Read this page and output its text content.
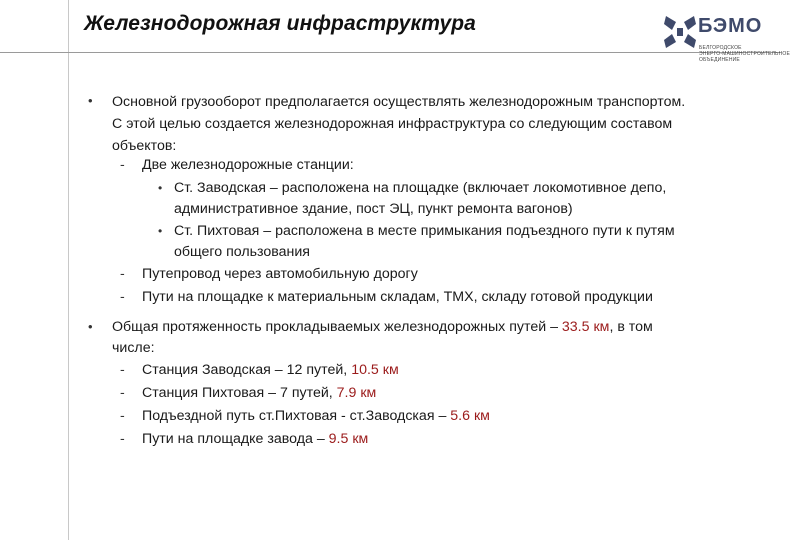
Железнодорожная инфраструктура	БЭМО
БЕЛГОРОДСКОЕ
ЭНЕРГО-МАШИНОСТРОИТЕЛЬНОЕ
ОБЪЕДИНЕНИЕ
• Основной грузооборот предполагается осуществлять железнодорожным транспортом.
С этой целью создается железнодорожная инфраструктура со следующим составом
объектов:
- Две железнодорожные станции:
• Ст. Заводская – расположена на площадке (включает локомотивное депо,
административное здание, пост ЭЦ, пункт ремонта вагонов)
• Ст. Пихтовая – расположена в месте примыкания подъездного пути к путям
общего пользования
- Путепровод через автомобильную дорогу
- Пути на площадке к материальным складам, ТМХ, складу готовой продукции
• Общая протяженность прокладываемых железнодорожных путей – 33.5 км, в том
числе:
- Станция Заводская – 12 путей, 10.5 км
- Станция Пихтовая – 7 путей, 7.9 км
- Подъездной путь ст.Пихтовая - ст.Заводская – 5.6 км
- Пути на площадке завода – 9.5 км
